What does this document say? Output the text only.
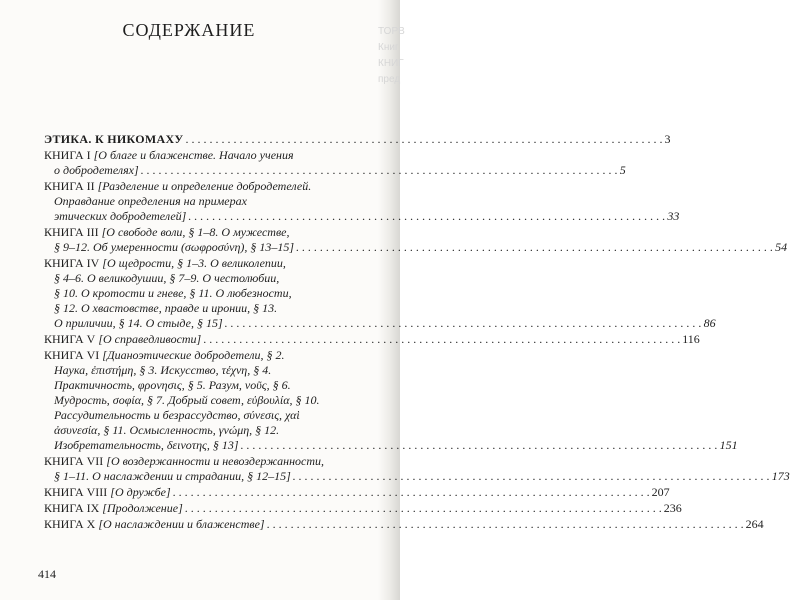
ТОРВ
Книг
КНИГ
пред
СОДЕРЖАНИЕ
ЭТИКА. К НИКОМАХУ . . .	3
КНИГА I
[О благе и блаженстве. Начало учения
о добродетелях] . . .	5
КНИГА II
[Разделение и определение добродетелей.
Оправдание определения на примерах
этических добродетелей] . . .	33
КНИГА III
[О свободе воли, § 1–8. О мужестве,
§ 9–12. Об умеренности (σωφροσύνη), § 13–15] . . .	54
КНИГА IV
[О щедрости, § 1–3. О великолепии,
§ 4–6. О великодушии, § 7–9. О честолюбии,
§ 10. О кротости и гневе, § 11. О любезности,
§ 12. О хвастовстве, правде и иронии, § 13.
О приличии, § 14. О стыде, § 15] . . .	86
КНИГА V
[О справедливости] . . .	116
КНИГА VI
[Дианоэтические добродетели, § 2.
Наука, ἐπιστήμη, § 3. Искусство, τέχνη, § 4.
Практичность, φρονησις, § 5. Разум, νοῦς, § 6.
Мудрость, σοφία, § 7. Добрый совет, εὐβουλία, § 10.
Рассудительность и безрассудство, σύνεσις, χαὶ
ἀσυνεσία, § 11. Осмысленность, γνώμη, § 12.
Изобретательность, δεινοτης, § 13] . . .	151
КНИГА VII
[О воздержанности и невоздержанности,
§ 1–11. О наслаждении и страдании, § 12–15] . . .	173
КНИГА VIII
[О дружбе] . . .	207
КНИГА IX
[Продолжение] . . .	236
КНИГА X
[О наслаждении и блаженстве] . . .	264
414
